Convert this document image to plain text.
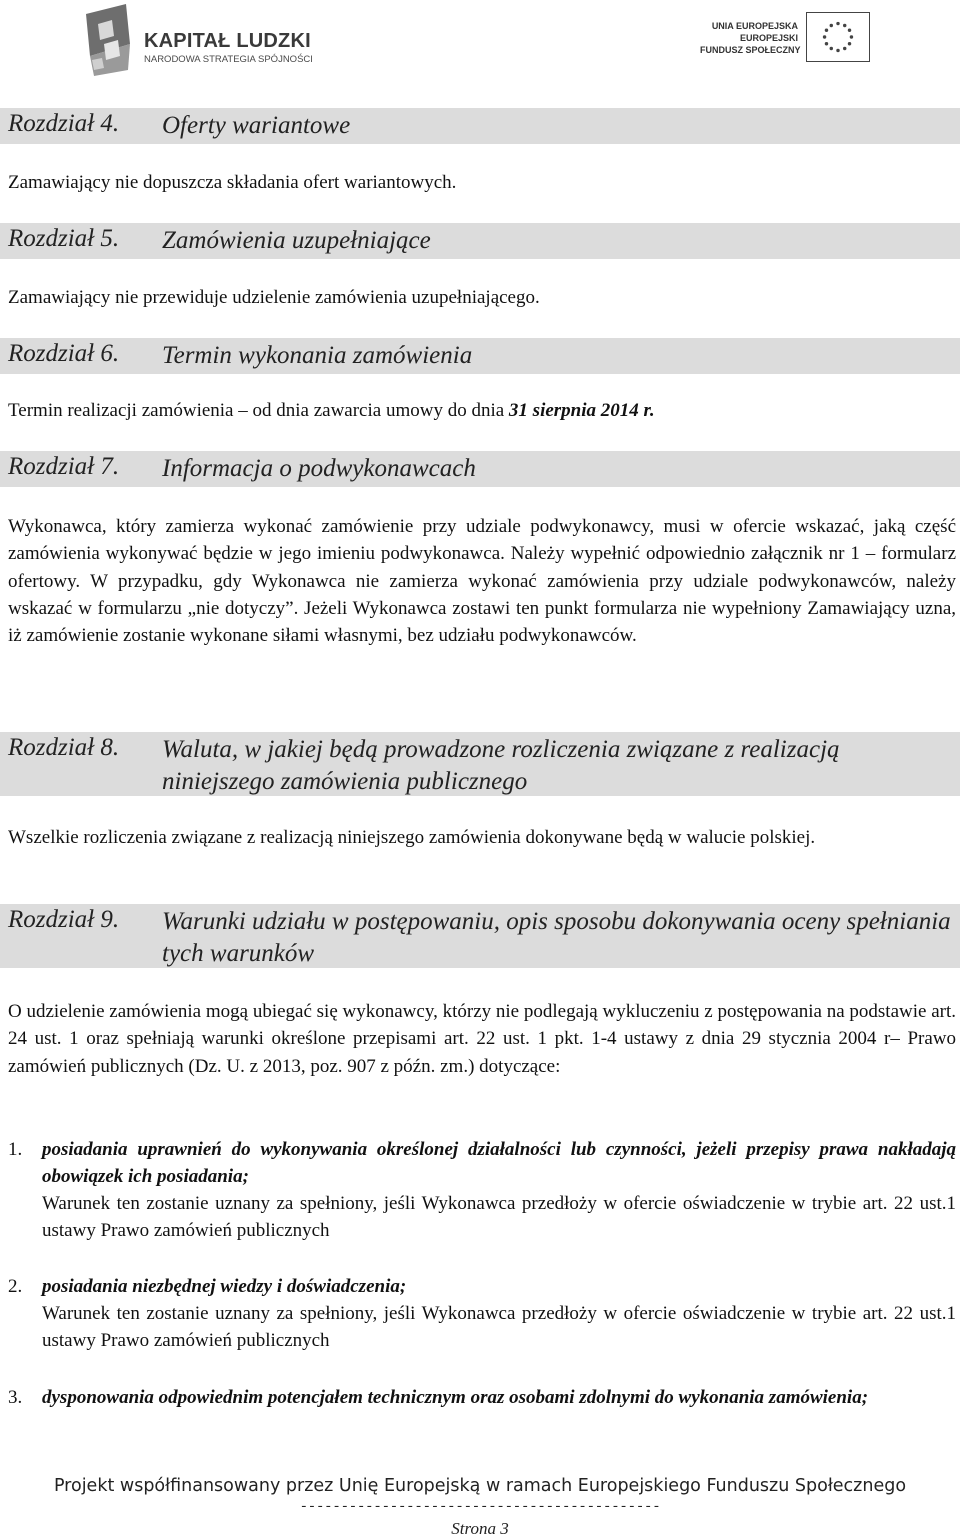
KAPITAŁ LUDZKI
NARODOWA STRATEGIA SPÓJNOŚCI
UNIA EUROPEJSKA
EUROPEJSKI
FUNDUSZ SPOŁECZNY
Rozdział 4. Oferty wariantowe
Zamawiający nie dopuszcza składania ofert wariantowych.
Rozdział 5. Zamówienia uzupełniające
Zamawiający nie przewiduje udzielenie zamówienia uzupełniającego.
Rozdział 6. Termin wykonania zamówienia
Termin realizacji zamówienia – od dnia zawarcia umowy do dnia 31 sierpnia 2014 r.
Rozdział 7. Informacja o podwykonawcach
Wykonawca, który zamierza wykonać zamówienie przy udziale podwykonawcy, musi w ofercie wskazać, jaką część zamówienia wykonywać będzie w jego imieniu podwykonawca. Należy wypełnić odpowiednio załącznik nr 1 – formularz ofertowy. W przypadku, gdy Wykonawca nie zamierza wykonać zamówienia przy udziale podwykonawców, należy wskazać w formularzu „nie dotyczy”. Jeżeli Wykonawca zostawi ten punkt formularza nie wypełniony Zamawiający uzna, iż zamówienie zostanie wykonane siłami własnymi, bez udziału podwykonawców.
Rozdział 8. Waluta, w jakiej będą prowadzone rozliczenia związane z realizacją niniejszego zamówienia publicznego
Wszelkie rozliczenia związane z realizacją niniejszego zamówienia dokonywane będą w walucie polskiej.
Rozdział 9. Warunki udziału w postępowaniu, opis sposobu dokonywania oceny spełniania tych warunków
O udzielenie zamówienia mogą ubiegać się wykonawcy, którzy nie podlegają wykluczeniu z postępowania na podstawie art. 24 ust. 1 oraz spełniają warunki określone przepisami art. 22 ust. 1 pkt. 1-4 ustawy z dnia 29 stycznia 2004 r– Prawo zamówień publicznych (Dz. U. z 2013, poz. 907 z późn. zm.) dotyczące:
1. posiadania uprawnień do wykonywania określonej działalności lub czynności, jeżeli przepisy prawa nakładają obowiązek ich posiadania;
Warunek ten zostanie uznany za spełniony, jeśli Wykonawca przedłoży w ofercie oświadczenie w trybie art. 22 ust.1 ustawy Prawo zamówień publicznych
2. posiadania niezbędnej wiedzy i doświadczenia;
Warunek ten zostanie uznany za spełniony, jeśli Wykonawca przedłoży w ofercie oświadczenie w trybie art. 22 ust.1 ustawy Prawo zamówień publicznych
3. dysponowania odpowiednim potencjałem technicznym oraz osobami zdolnymi do wykonania zamówienia;
Projekt współfinansowany przez Unię Europejską w ramach Europejskiego Funduszu Społecznego
--------------------------------------------
Strona 3
